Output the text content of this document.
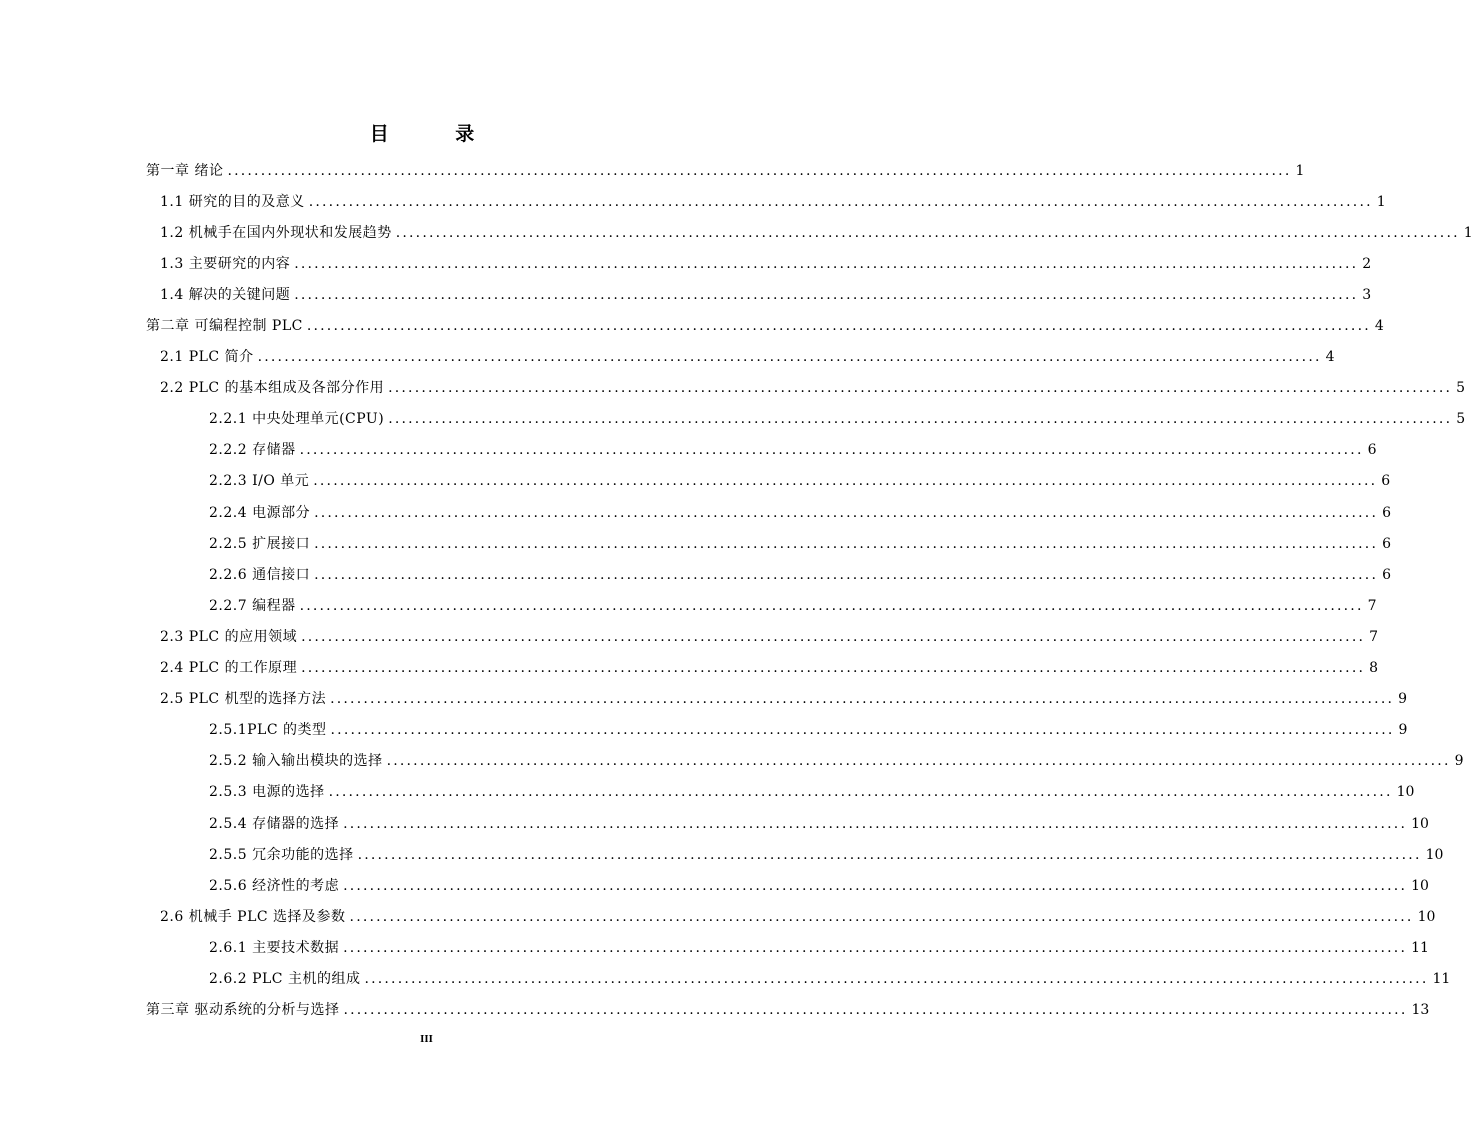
目 录
第一章 绪论 ................................................................................................................................................................ 1
1.1 研究的目的及意义 ................................................................................................................................................................ 1
1.2 机械手在国内外现状和发展趋势 ................................................................................................................................................................ 1
1.3 主要研究的内容 ................................................................................................................................................................ 2
1.4 解决的关键问题 ................................................................................................................................................................ 3
第二章 可编程控制 PLC ................................................................................................................................................................ 4
2.1 PLC 简介 ................................................................................................................................................................ 4
2.2 PLC 的基本组成及各部分作用 ................................................................................................................................................................ 5
2.2.1 中央处理单元(CPU) ................................................................................................................................................................ 5
2.2.2 存储器 ................................................................................................................................................................ 6
2.2.3 I/O 单元 ................................................................................................................................................................ 6
2.2.4 电源部分 ................................................................................................................................................................ 6
2.2.5 扩展接口 ................................................................................................................................................................ 6
2.2.6 通信接口 ................................................................................................................................................................ 6
2.2.7 编程器 ................................................................................................................................................................ 7
2.3 PLC 的应用领域 ................................................................................................................................................................ 7
2.4 PLC 的工作原理 ................................................................................................................................................................ 8
2.5 PLC 机型的选择方法 ................................................................................................................................................................ 9
2.5.1PLC 的类型 ................................................................................................................................................................ 9
2.5.2 输入输出模块的选择 ................................................................................................................................................................ 9
2.5.3 电源的选择 ................................................................................................................................................................ 10
2.5.4 存储器的选择 ................................................................................................................................................................ 10
2.5.5 冗余功能的选择 ................................................................................................................................................................ 10
2.5.6 经济性的考虑 ................................................................................................................................................................ 10
2.6 机械手 PLC 选择及参数 ................................................................................................................................................................ 10
2.6.1 主要技术数据 ................................................................................................................................................................ 11
2.6.2 PLC 主机的组成 ................................................................................................................................................................ 11
第三章 驱动系统的分析与选择 ................................................................................................................................................................ 13
III
